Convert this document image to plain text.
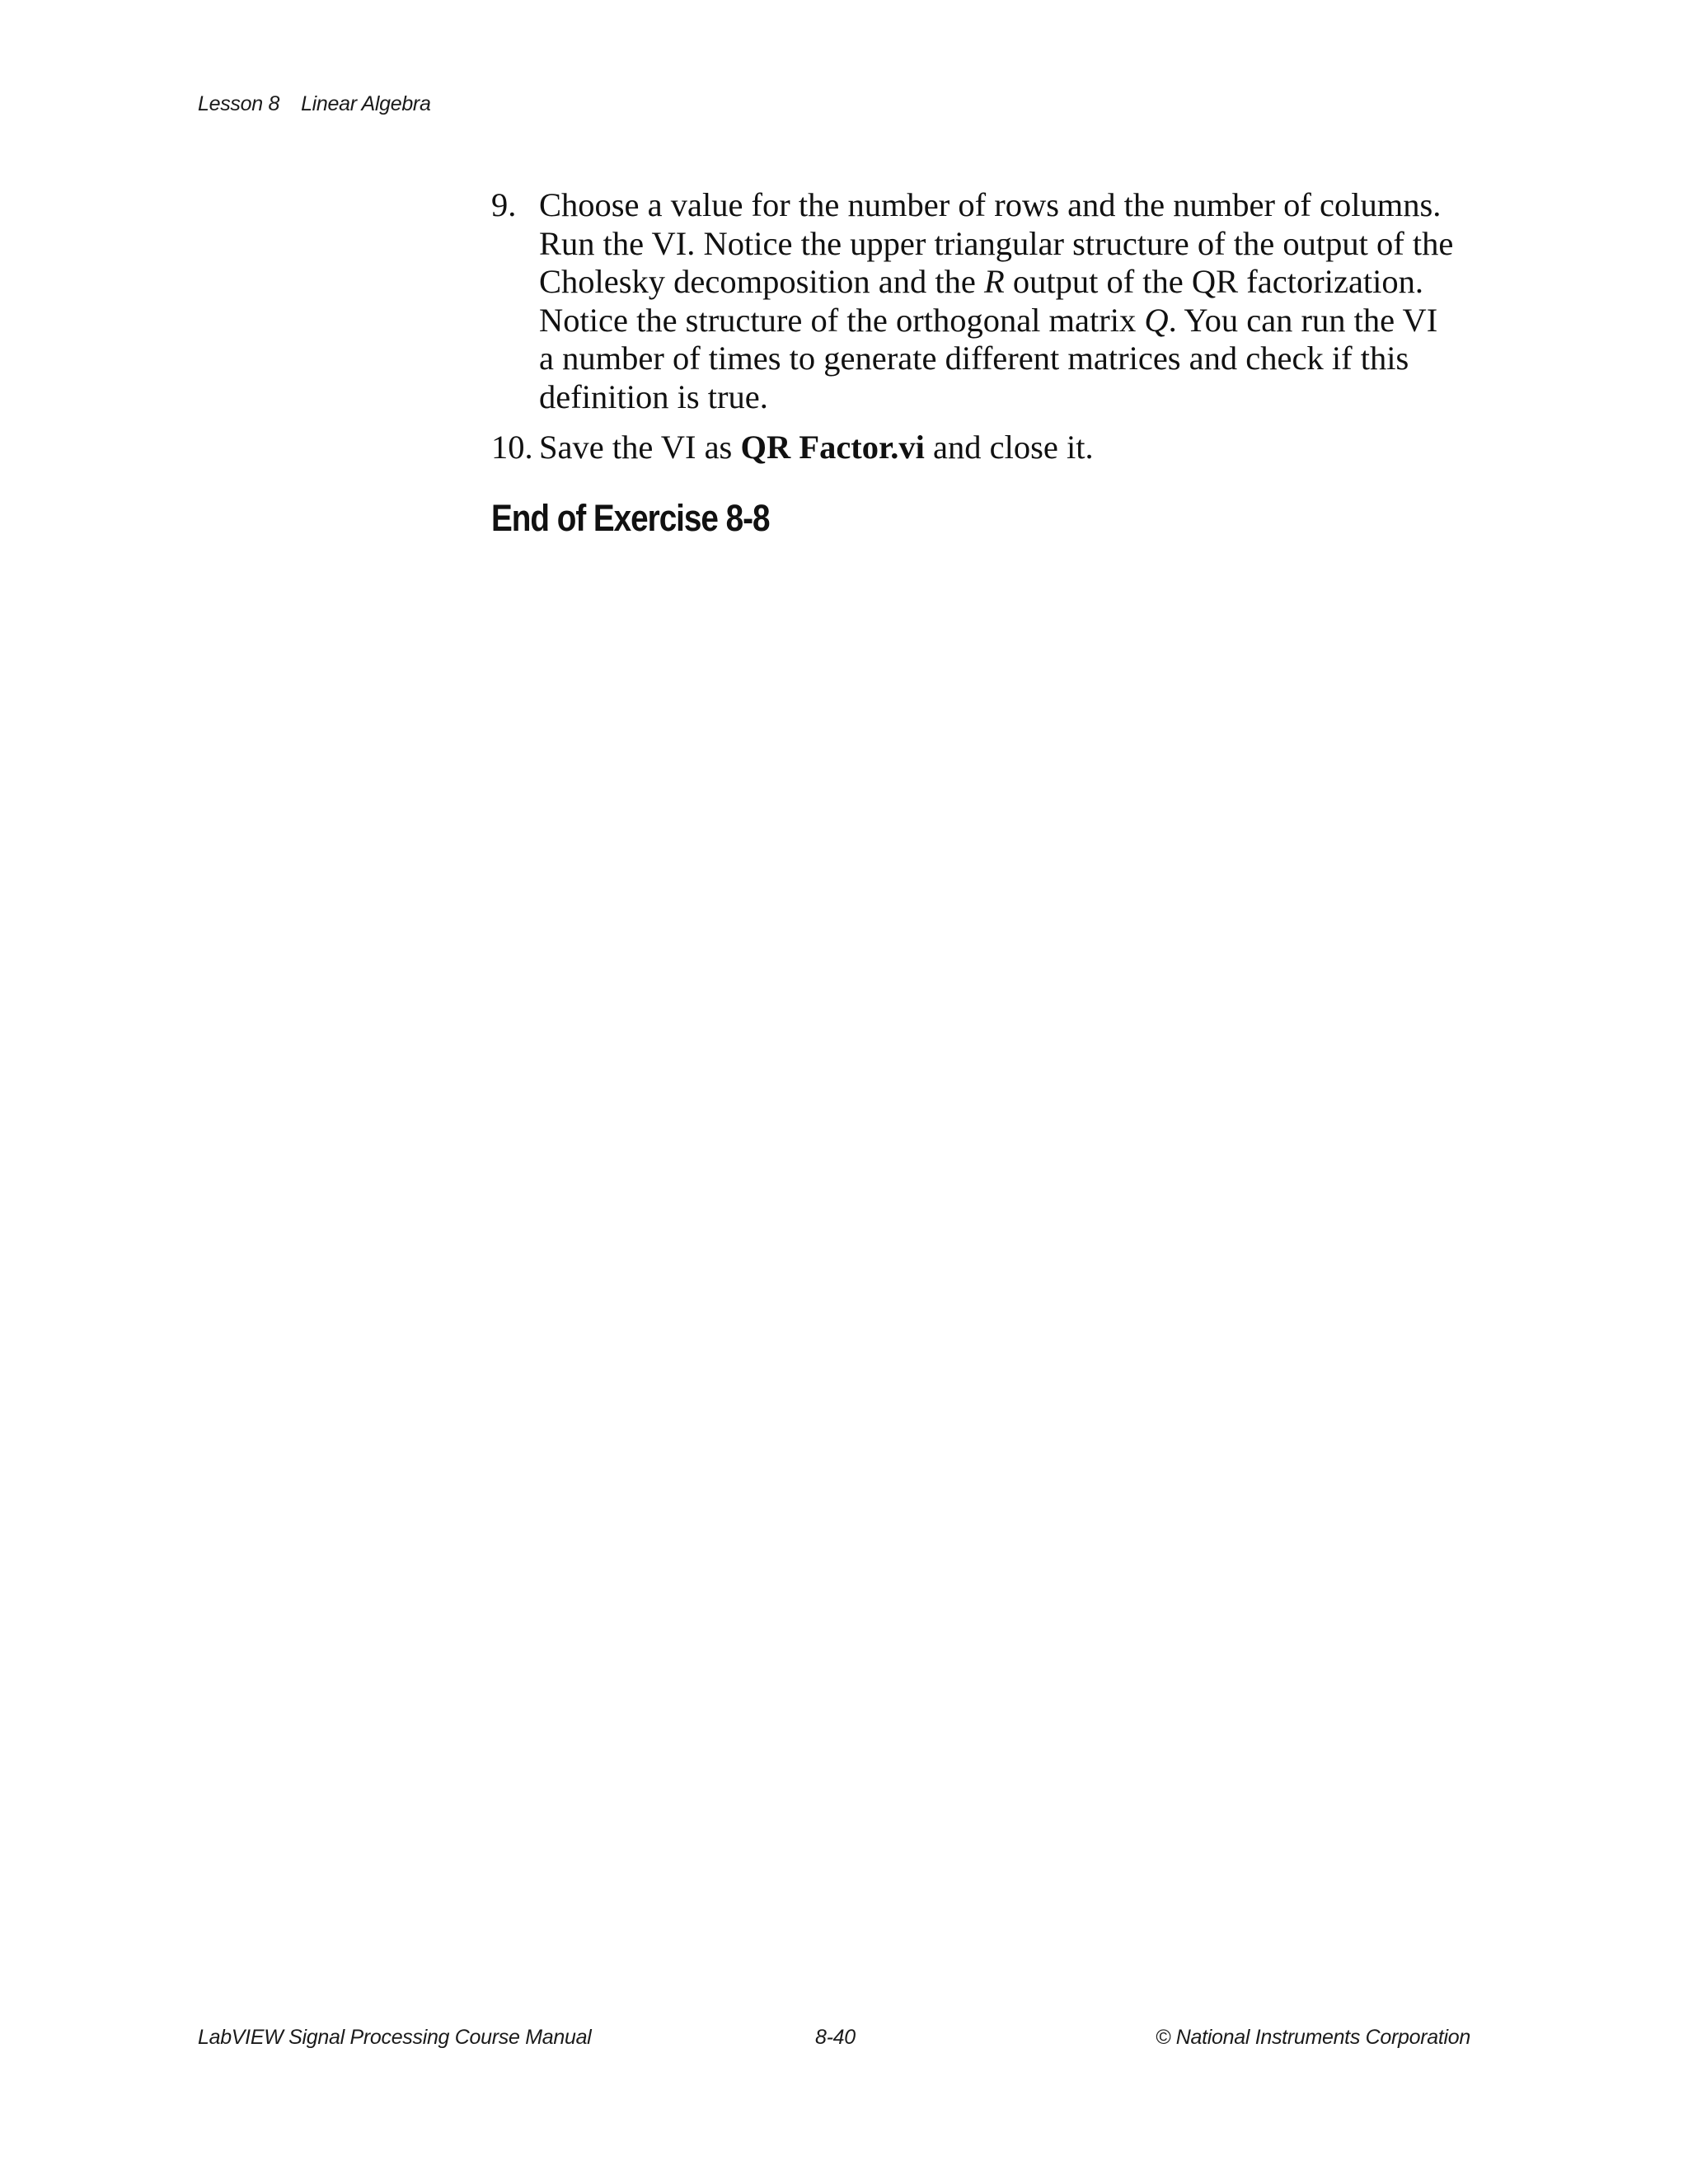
Lesson 8 Linear Algebra
9. Choose a value for the number of rows and the number of columns.
Run the VI. Notice the upper triangular structure of the output of the
Cholesky decomposition and the R output of the QR factorization.
Notice the structure of the orthogonal matrix Q. You can run the VI
a number of times to generate different matrices and check if this
definition is true.
10. Save the VI as QR Factor.vi and close it.
End of Exercise 8-8
LabVIEW Signal Processing Course Manual	8-40	© National Instruments Corporation
